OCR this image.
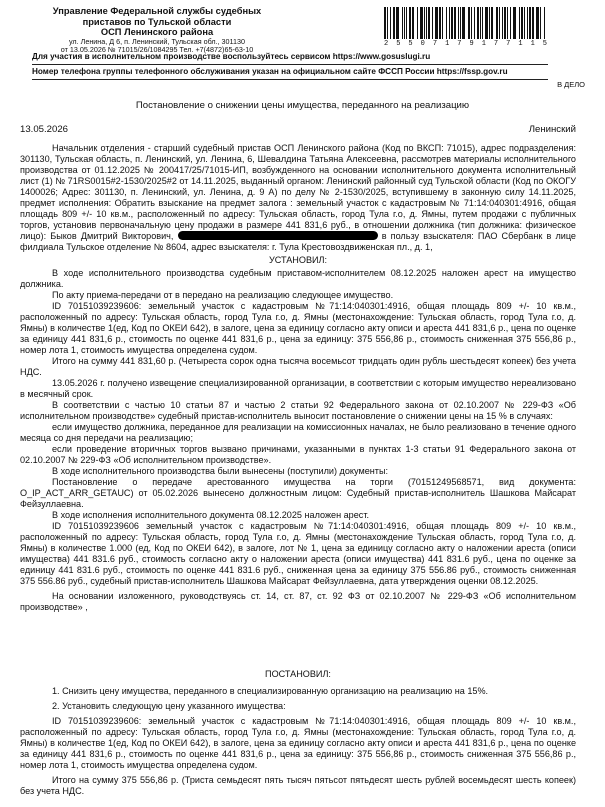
Управление Федеральной службы судебных приставов по Тульской области
ОСП Ленинского района
ул. Ленина, Д 6, п. Ленинский, Тульская обл., 301130
от 13.05.2026 № 71015/26/1084295 Тел. +7(4872)65-63-10
2 5 5 0 7 1 7 9 1 7 7 1 1 5
Для участия в исполнительном производстве воспользуйтесь сервисом https://www.gosuslugi.ru
Номер телефона группы телефонного обслуживания указан на официальном сайте ФССП России https://fssp.gov.ru
В ДЕЛО
Постановление о снижении цены имущества, переданного на реализацию
13.05.2026	Ленинский

Начальник отделения - старший судебный пристав ОСП Ленинского района (Код по ВКСП: 71015), адрес подразделения: 301130, Тульская область, п. Ленинский, ул. Ленина, 6, Шевалдина Татьяна Алексеевна, рассмотрев материалы исполнительного производства от 01.12.2025 № 200417/25/71015-ИП, возбужденного на основании исполнительного документа исполнительный лист (1) № 71RS0015#2-1530/2025#2 от 14.11.2025, выданный органом: Ленинский районный суд Тульской области (Код по ОКОГУ 1400026; Адрес: 301130, п. Ленинский, ул. Ленина, д. 9 А) по делу № 2-1530/2025, вступившему в законную силу 14.11.2025, предмет исполнения: Обратить взыскание на предмет залога : земельный участок с кадастровым № 71:14:040301:4916, общая площадь 809 +/- 10 кв.м., расположенный по адресу: Тульская область, город Тула г.о, д. Ямны, путем продажи с публичных торгов, установив первоначальную цену продажи в размере 441 831,6 руб., в отношении должника (тип должника: физическое лицо): Быков Дмитрий Викторович,	в пользу взыскателя: ПАО Сбербанк в лице филдиала Тульское отделение № 8604, адрес взыскателя: г. Тула Крестовоздвиженская пл., д. 1,

УСТАНОВИЛ:

В ходе исполнительного производства судебным приставом-исполнителем 08.12.2025 наложен арест на имущество должника.

По акту приема-передачи от в передано на реализацию следующее имущество.

ID 70151039239606: земельный участок с кадастровым №71:14:040301:4916, общая площадь 809 +/- 10 кв.м., расположенный по адресу: Тульская область, город Тула г.о, д. Ямны (местонахождение: Тульская область, город Тула г.о, д. Ямны) в количестве 1(ед, Код по ОКЕИ 642), в залоге, цена за единицу согласно акту описи и ареста 441 831,6 р., цена по оценке за единицу 441 831,6 р., стоимость по оценке 441 831,6 р., цена за единицу: 375 556,86 р., стоимость сниженная 375 556,86 р., номер лота 1, стоимость имущества определена судом.

Итого на сумму 441 831,60 р. (Четыреста сорок одна тысяча восемьсот тридцать один рубль шестьдесят копеек) без учета НДС.

13.05.2026 г. получено извещение специализированной организации, в соответствии с которым имущество нереализовано в месячный срок.

В соответствии с частью 10 статьи 87 и частью 2 статьи 92 Федерального закона от 02.10.2007 № 229-ФЗ «Об исполнительном производстве» судебный пристав-исполнитель выносит постановление о снижении цены на 15 % в случаях:

если имущество должника, переданное для реализации на комиссионных началах, не было реализовано в течение одного месяца со дня передачи на реализацию;

если проведение вторичных торгов вызвано причинами, указанными в пунктах 1-3 статьи 91 Федерального закона от 02.10.2007 № 229-ФЗ «Об исполнительном производстве».

В ходе исполнительного производства были вынесены (поступили) документы:

Постановление о передаче арестованного имущества на торги (70151249568571, вид документа: O_IP_ACT_ARR_GETAUC) от 05.02.2026 вынесено должностным лицом: Судебный пристав-исполнитель Шашкова Майсарат Фейзуллаевна.

В ходе исполнения исполнительного документа 08.12.2025 наложен арест.

ID 70151039239606 земельный участок с кадастровым №71:14:040301:4916, общая площадь 809 +/- 10 кв.м., расположенный по адресу: Тульская область, город Тула г.о, д. Ямны (местонахождение Тульская область, город Тула г.о, д. Ямны) в количестве 1.000 (ед, Код по ОКЕИ 642), в залоге, лот № 1, цена за единицу согласно акту о наложении ареста (описи имущества) 441 831.6 руб., стоимость согласно акту о наложении ареста (описи имущества) 441 831.6 руб., цена по оценке за единицу 441 831.6 руб., стоимость по оценке 441 831.6 руб., сниженная цена за единицу 375 556.86 руб., стоимость сниженная 375 556.86 руб., судебный пристав-исполнитель Шашкова Майсарат Фейзуллаевна, дата утверждения оценки 08.12.2025.

На основании изложенного, руководствуясь ст. 14, ст. 87, ст. 92 ФЗ от 02.10.2007 № 229-ФЗ «Об исполнительном производстве» ,

ПОСТАНОВИЛ:

1. Снизить цену имущества, переданного в специализированную организацию на реализацию на 15%.

2. Установить следующую цену указанного имущества:

ID 70151039239606: земельный участок с кадастровым №71:14:040301:4916, общая площадь 809 +/- 10 кв.м., расположенный по адресу: Тульская область, город Тула г.о, д. Ямны (местонахождение: Тульская область, город Тула г.о, д. Ямны) в количестве 1(ед, Код по ОКЕИ 642), в залоге, цена за единицу согласно акту описи и ареста 441 831,6 р., цена по оценке за единицу 441 831,6 р., стоимость по оценке 441 831,6 р., цена за единицу: 375 556,86 р., стоимость сниженная 375 556,86 р., номер лота 1, стоимость имущества определена судом.

Итого на сумму 375 556,86 р. (Триста семьдесят пять тысяч пятьсот пятьдесят шесть рублей восемьдесят шесть копеек) без учета НДС.
